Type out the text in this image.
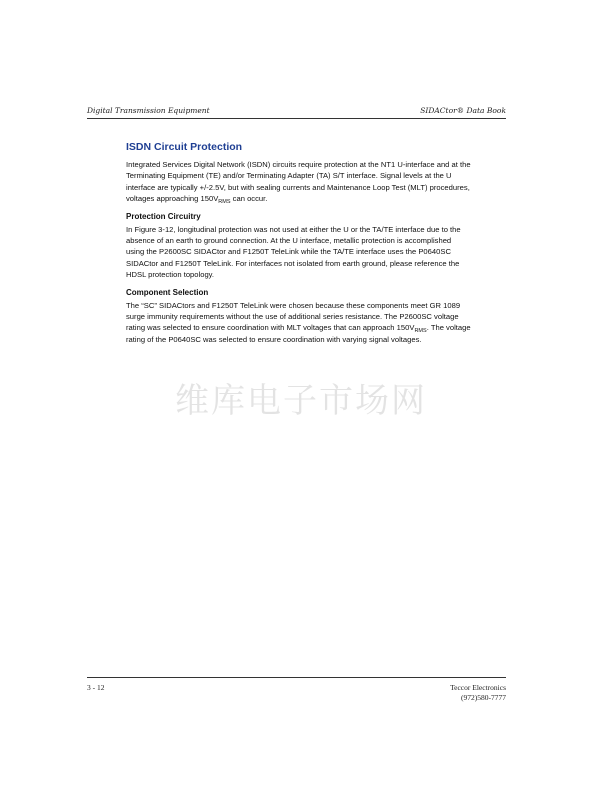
Digital Transmission Equipment	SIDACtor® Data Book
ISDN Circuit Protection

Integrated Services Digital Network (ISDN) circuits require protection at the NT1 U-interface and at the Terminating Equipment (TE) and/or Terminating Adapter (TA) S/T interface. Signal levels at the U interface are typically +/-2.5V, but with sealing currents and Maintenance Loop Test (MLT) procedures, voltages approaching $150V_{RMS}$ can occur.

Protection Circuitry

In Figure 3-12, longitudinal protection was not used at either the U or the TA/TE interface due to the absence of an earth to ground connection. At the U interface, metallic protection is accomplished using the P2600SC SIDACtor and F1250T TeleLink while the TA/TE interface uses the P0640SC SIDACtor and F1250T TeleLink. For interfaces not isolated from earth ground, please reference the HDSL protection topology.

Component Selection

The “SC” SIDACtors and F1250T TeleLink were chosen because these components meet GR 1089 surge immunity requirements without the use of additional series resistance. The P2600SC voltage rating was selected to ensure coordination with MLT voltages that can approach $150V_{RMS}$. The voltage rating of the P0640SC was selected to ensure coordination with varying signal voltages.

维库电子市场网
3 - 12	Teccor Electronics
(972)580-7777
